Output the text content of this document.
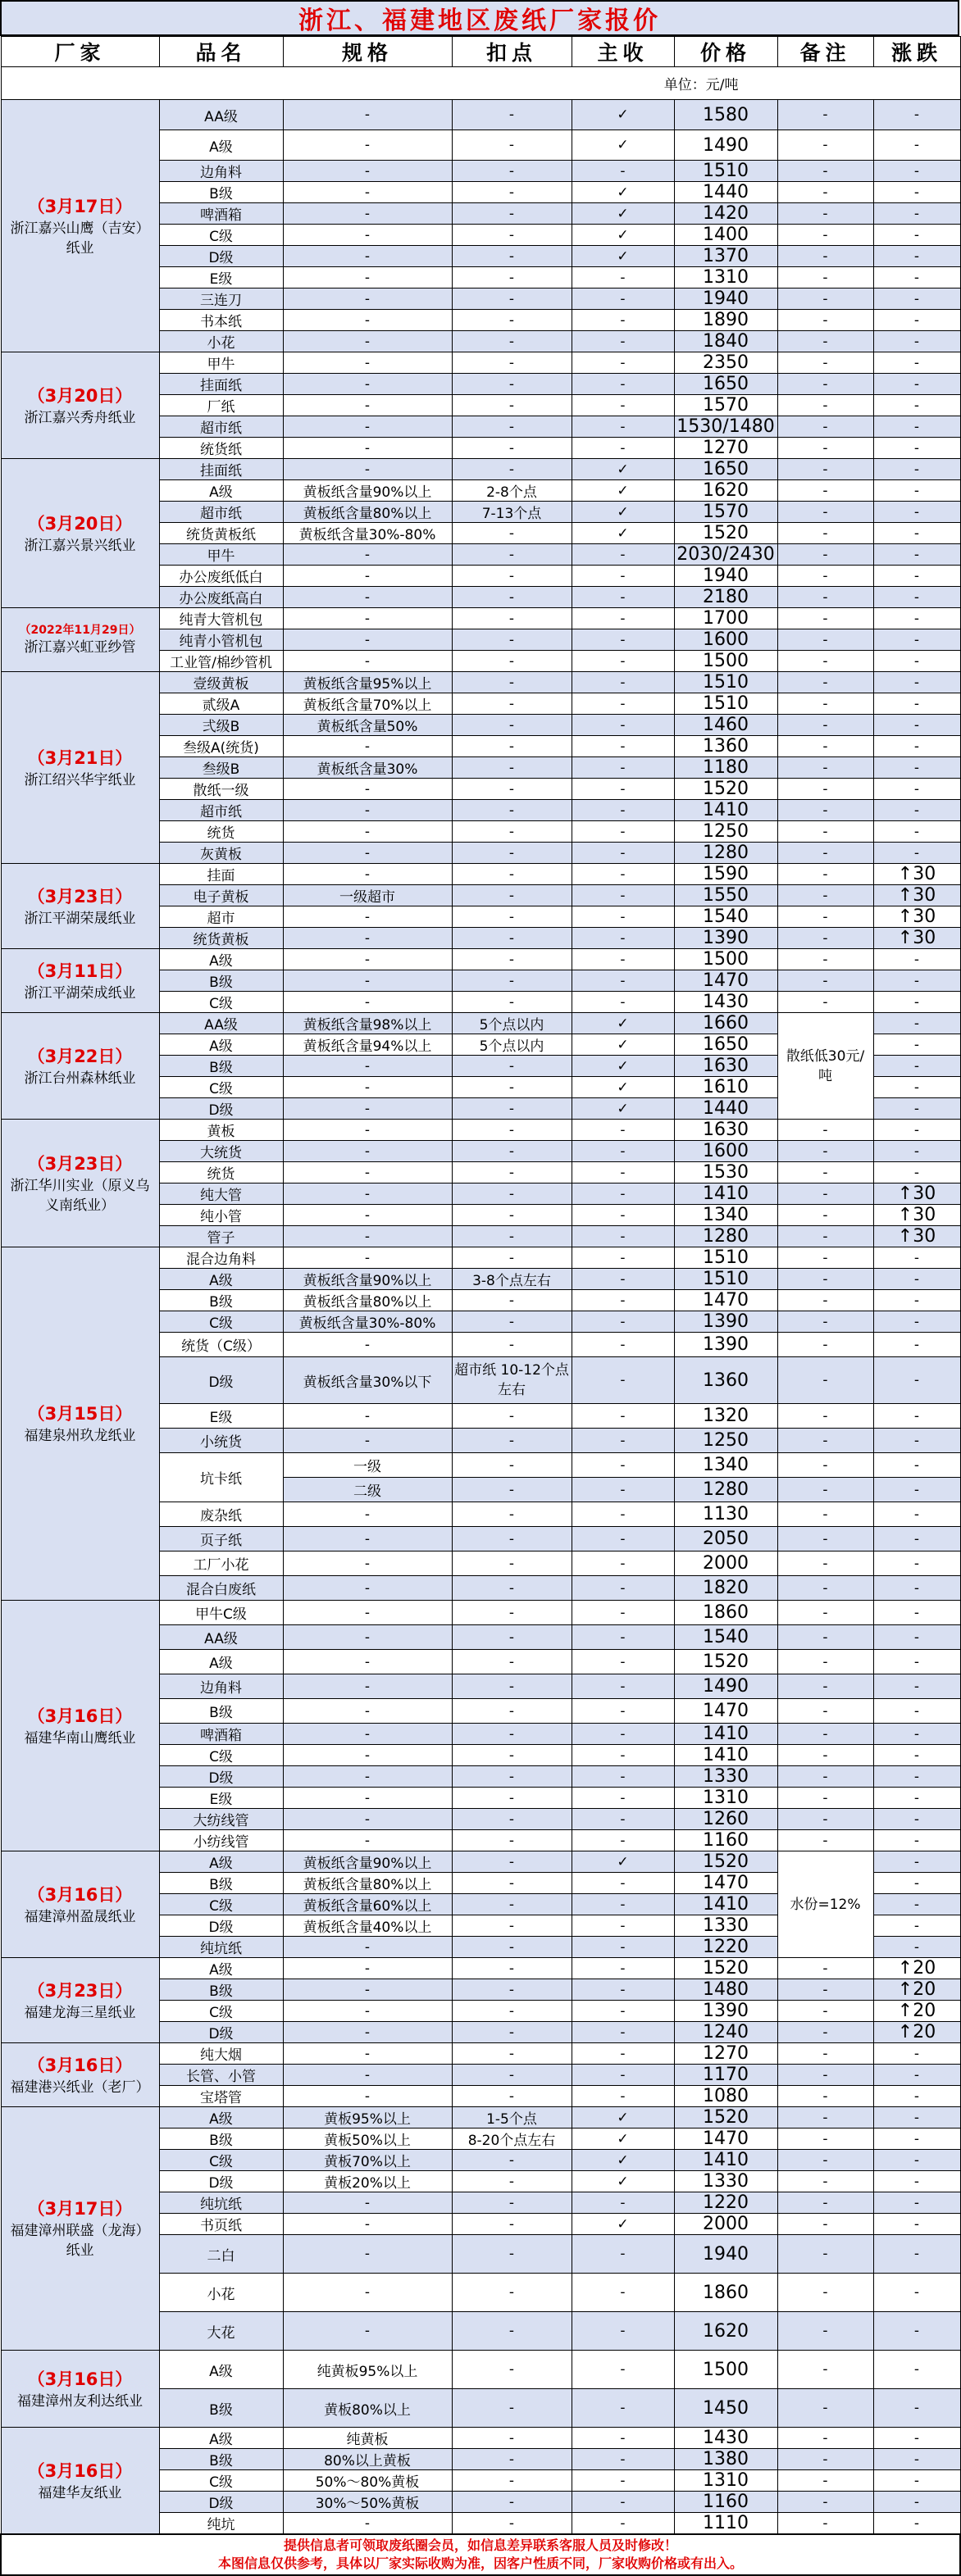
浙江、福建地区废纸厂家报价
厂家	品名	规格	扣点	主收	价格	备注	涨跌
单位：元/吨							

（3月17日）
浙江嘉兴山鹰（吉安）纸业	AA级	-	-	✓	1580	-	-
	A级	-	-	✓	1490	-	-
	边角料	-	-	-	1510	-	-
	B级	-	-	✓	1440	-	-
	啤酒箱	-	-	✓	1420	-	-
	C级	-	-	✓	1400	-	-
	D级	-	-	✓	1370	-	-
	E级	-	-	-	1310	-	-
	三连刀	-	-	-	1940	-	-
	书本纸	-	-	-	1890	-	-
	小花	-	-	-	1840	-	-

（3月20日）
浙江嘉兴秀舟纸业	甲牛	-	-	-	2350	-	-
	挂面纸	-	-	-	1650	-	-
	厂纸	-	-	-	1570	-	-
	超市纸	-	-	-	1530/1480	-	-
	统货纸	-	-	-	1270	-	-

（3月20日）
浙江嘉兴景兴纸业	挂面纸	-	-	✓	1650	-	-
	A级	黄板纸含量90%以上	2-8个点	✓	1620	-	-
	超市纸	黄板纸含量80%以上	7-13个点	✓	1570	-	-
	统货黄板纸	黄板纸含量30%-80%	-	✓	1520	-	-
	甲牛	-	-	-	2030/2430	-	-
	办公废纸低白	-	-	-	1940	-	-
	办公废纸高白	-	-	-	2180	-	-

（2022年11月29日）
浙江嘉兴虹亚纱管	纯青大管机包	-	-	-	1700	-	-
	纯青小管机包	-	-	-	1600	-	-
	工业管/棉纱管机	-	-	-	1500	-	-

（3月21日）
浙江绍兴华宇纸业	壹级黄板	黄板纸含量95%以上	-	-	1510	-	-
	贰级A	黄板纸含量70%以上	-	-	1510	-	-
	弍级B	黄板纸含量50%	-	-	1460	-	-
	叁级A(统货)	-	-	-	1360	-	-
	叁级B	黄板纸含量30%	-	-	1180	-	-
	散纸一级	-	-	-	1520	-	-
	超市纸	-	-	-	1410	-	-
	统货	-	-	-	1250	-	-
	灰黄板	-	-	-	1280	-	-

（3月23日）
浙江平湖荣晟纸业	挂面	-	-	-	1590	-	↑30
	电子黄板	一级超市	-	-	1550	-	↑30
	超市	-	-	-	1540	-	↑30
	统货黄板	-	-	-	1390	-	↑30

（3月11日）
浙江平湖荣成纸业	A级	-	-	-	1500	-	-
	B级	-	-	-	1470	-	-
	C级	-	-	-	1430	-	-

（3月22日）
浙江台州森林纸业	AA级	黄板纸含量98%以上	5个点以内	✓	1660	散纸低30元/吨	-
	A级	黄板纸含量94%以上	5个点以内	✓	1650		-
	B级	-	-	✓	1630		-
	C级	-	-	✓	1610		-
	D级	-	-	✓	1440		-

（3月23日）
浙江华川实业（原义乌义南纸业）	黄板	-	-	-	1630	-	-
	大统货	-	-	-	1600	-	-
	统货	-	-	-	1530	-	-
	纯大管	-	-	-	1410	-	↑30
	纯小管	-	-	-	1340	-	↑30
	管子	-	-	-	1280	-	↑30

（3月15日）
福建泉州玖龙纸业	混合边角料	-	-	-	1510	-	-
	A级	黄板纸含量90%以上	3-8个点左右	-	1510	-	-
	B级	黄板纸含量80%以上	-	-	1470	-	-
	C级	黄板纸含量30%-80%	-	-	1390	-	-
	统货（C级）	-	-	-	1390	-	-
	D级	黄板纸含量30%以下	超市纸 10-12个点左右	-	1360	-	-
	E级	-	-	-	1320	-	-
	小统货	-	-	-	1250	-	-
	坑卡纸	一级	-	-	1340	-	-
		二级	-	-	1280	-	-
	废杂纸	-	-	-	1130	-	-
	页子纸	-	-	-	2050	-	-
	工厂小花	-	-	-	2000	-	-
	混合白废纸	-	-	-	1820	-	-

（3月16日）
福建华南山鹰纸业	甲牛C级	-	-	-	1860	-	-
	AA级	-	-	-	1540	-	-
	A级	-	-	-	1520	-	-
	边角料	-	-	-	1490	-	-
	B级	-	-	-	1470	-	-
	啤酒箱	-	-	-	1410	-	-
	C级	-	-	-	1410	-	-
	D级	-	-	-	1330	-	-
	E级	-	-	-	1310	-	-
	大纺线管	-	-	-	1260	-	-
	小纺线管	-	-	-	1160	-	-

（3月16日）
福建漳州盈晟纸业	A级	黄板纸含量90%以上	-	✓	1520	水份=12%	-
	B级	黄板纸含量80%以上	-	-	1470		-
	C级	黄板纸含量60%以上	-	-	1410		-
	D级	黄板纸含量40%以上	-	-	1330		-
	纯坑纸	-	-	-	1220		-

（3月23日）
福建龙海三星纸业	A级	-	-	-	1520	-	↑20
	B级	-	-	-	1480	-	↑20
	C级	-	-	-	1390	-	↑20
	D级	-	-	-	1240	-	↑20

（3月16日）
福建港兴纸业（老厂）	纯大烟	-	-	-	1270	-	-
	长管、小管	-	-	-	1170	-	-
	宝塔管	-	-	-	1080	-	-

（3月17日）
福建漳州联盛（龙海）纸业	A级	黄板95%以上	1-5个点	✓	1520	-	-
	B级	黄板50%以上	8-20个点左右	✓	1470	-	-
	C级	黄板70%以上	-	✓	1410	-	-
	D级	黄板20%以上	-	✓	1330	-	-
	纯坑纸	-	-	-	1220	-	-
	书页纸	-	-	✓	2000	-	-
	二白	-	-	-	1940	-	-
	小花	-	-	-	1860	-	-
	大花	-	-	-	1620	-	-

（3月16日）
福建漳州友利达纸业	A级	纯黄板95%以上	-	-	1500	-	-
	B级	黄板80%以上	-	-	1450	-	-

（3月16日）
福建华友纸业	A级	纯黄板	-	-	1430	-	-
	B级	80%以上黄板	-	-	1380	-	-
	C级	50%～80%黄板	-	-	1310	-	-
	D级	30%～50%黄板	-	-	1160	-	-
	纯坑	-	-	-	1110	-	-

提供信息者可领取废纸圈会员，如信息差异联系客服人员及时修改！
本图信息仅供参考，具体以厂家实际收购为准，因客户性质不同，厂家收购价格或有出入。							
